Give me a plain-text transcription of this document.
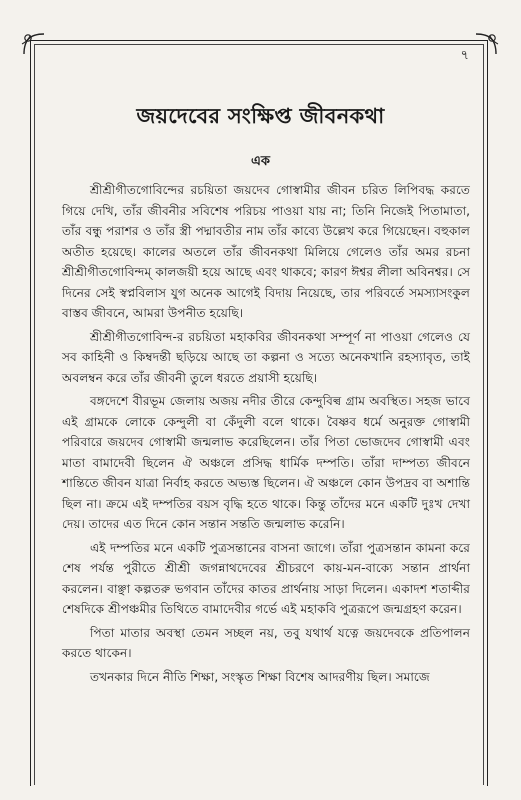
৭
জয়দেবের সংক্ষিপ্ত জীবনকথা
এক

শ্রীশ্রীগীতগোবিন্দের রচয়িতা জয়দেব গোস্বামীর জীবন চরিত লিপিবদ্ধ করতে গিয়ে দেখি, তাঁর জীবনীর সবিশেষ পরিচয় পাওয়া যায় না; তিনি নিজেই পিতামাতা, তাঁর বন্ধু পরাশর ও তাঁর স্ত্রী পদ্মাবতীর নাম তাঁর কাব্যে উল্লেখ করে গিয়েছেন। বহুকাল অতীত হয়েছে। কালের অতলে তাঁর জীবনকথা মিলিয়ে গেলেও তাঁর অমর রচনা শ্রীশ্রীগীতগোবিন্দম্ কালজয়ী হয়ে আছে এবং থাকবে; কারণ ঈশ্বর লীলা অবিনশ্বর। সে দিনের সেই স্বপ্নবিলাস যুগ অনেক আগেই বিদায় নিয়েছে, তার পরিবর্তে সমস্যাসংকুল বাস্তব জীবনে, আমরা উপনীত হয়েছি।

শ্রীশ্রীগীতগোবিন্দ-র রচয়িতা মহাকবির জীবনকথা সম্পূর্ণ না পাওয়া গেলেও যে সব কাহিনী ও কিম্বদন্তী ছড়িয়ে আছে তা কল্পনা ও সত্যে অনেকখানি রহস্যাবৃত, তাই অবলম্বন করে তাঁর জীবনী তুলে ধরতে প্রয়াসী হয়েছি।

বঙ্গদেশে বীরভূম জেলায় অজয় নদীর তীরে কেন্দুবিল্ব গ্রাম অবস্থিত। সহজ ভাবে এই গ্রামকে লোকে কেন্দুলী বা কেঁদুলী বলে থাকে। বৈষ্ণব ধর্মে অনুরক্ত গোস্বামী পরিবারে জয়দেব গোস্বামী জন্মলাভ করেছিলেন। তাঁর পিতা ভোজদেব গোস্বামী এবং মাতা বামাদেবী ছিলেন ঐ অঞ্চলে প্রসিদ্ধ ধার্মিক দম্পতি। তাঁরা দাম্পত্য জীবনে শান্তিতে জীবন যাত্রা নির্বাহ করতে অভ্যস্ত ছিলেন। ঐ অঞ্চলে কোন উপদ্রব বা অশান্তি ছিল না। ক্রমে এই দম্পতির বয়স বৃদ্ধি হতে থাকে। কিন্তু তাঁদের মনে একটি দুঃখ দেখা দেয়। তাদের এত দিনে কোন সন্তান সন্ততি জন্মলাভ করেনি।

এই দম্পতির মনে একটি পুত্রসন্তানের বাসনা জাগে। তাঁরা পুত্রসন্তান কামনা করে শেষ পর্যন্ত পুরীতে শ্রীশ্রী জগন্নাথদেবের শ্রীচরণে কায়-মন-বাক্যে সন্তান প্রার্থনা করলেন। বাঞ্ছা কল্পতরু ভগবান তাঁদের কাতর প্রার্থনায় সাড়া দিলেন। একাদশ শতাব্দীর শেষদিকে শ্রীপঞ্চমীর তিথিতে বামাদেবীর গর্ভে এই মহাকবি পুত্ররূপে জন্মগ্রহণ করেন।

পিতা মাতার অবস্থা তেমন সচ্ছল নয়, তবু যথার্থ যত্নে জয়দেবকে প্রতিপালন করতে থাকেন।

তখনকার দিনে নীতি শিক্ষা, সংস্কৃত শিক্ষা বিশেষ আদরণীয় ছিল। সমাজে
